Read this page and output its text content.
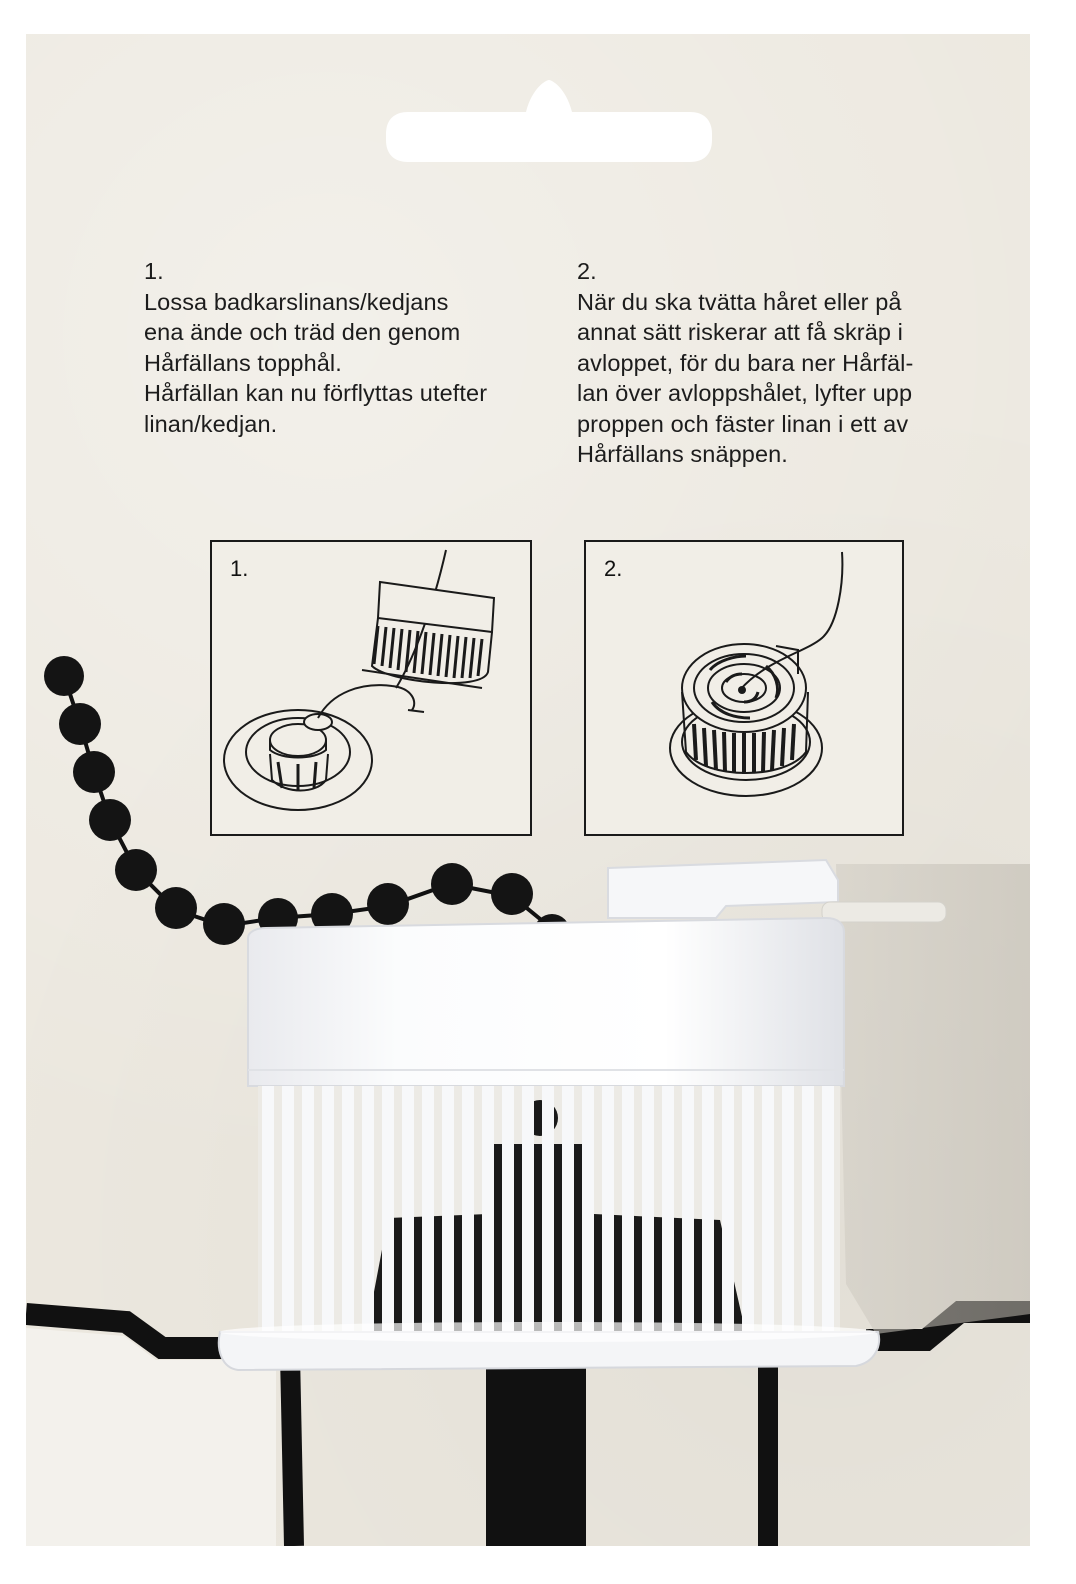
1.
Lossa badkarslinans/kedjans
ena ände och träd den genom
Hårfällans topphål.
Hårfällan kan nu förflyttas utefter
linan/kedjan.
2.
När du ska tvätta håret eller på
annat sätt riskerar att få skräp i
avloppet, för du bara ner Hårfäl-
lan över avloppshålet, lyfter upp
proppen och fäster linan i ett av
Hårfällans snäppen.
1.	2.
